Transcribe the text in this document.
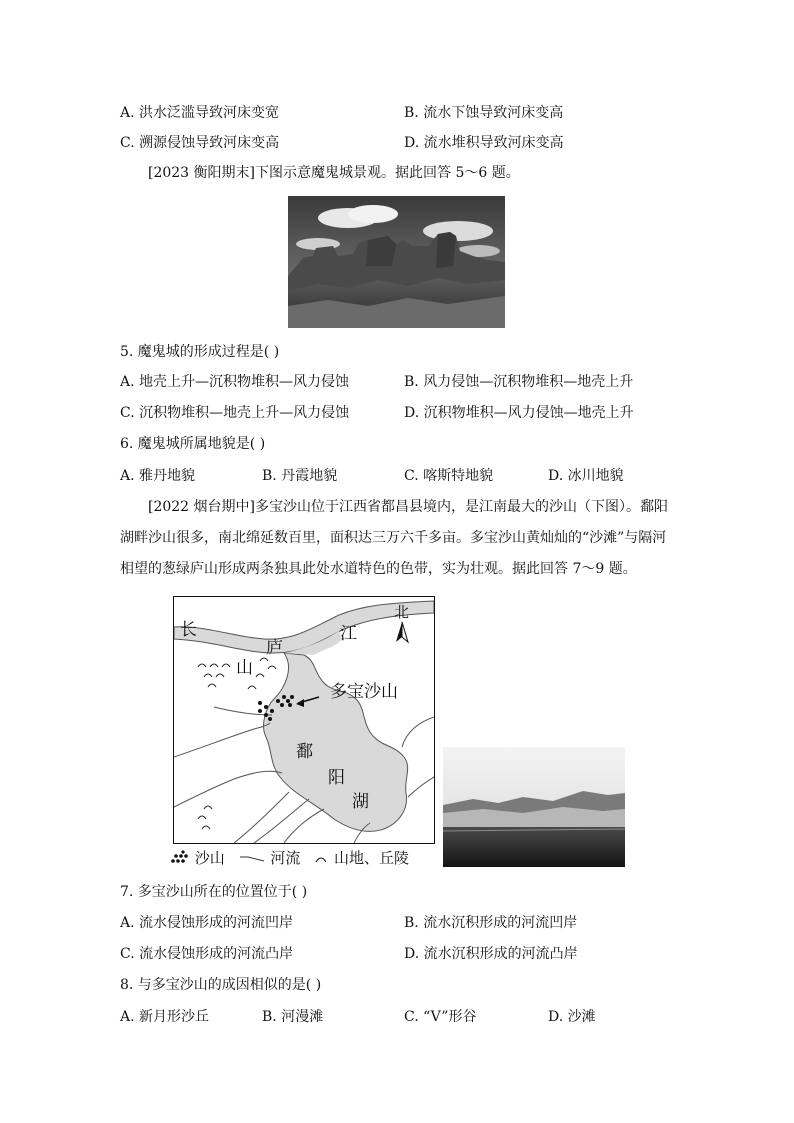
A. 洪水泛滥导致河床变宽	B. 流水下蚀导致河床变高
C. 溯源侵蚀导致河床变高	D. 流水堆积导致河床变高
[2023 衡阳期末]下图示意魔鬼城景观。据此回答 5～6 题。
5. 魔鬼城的形成过程是( )
A. 地壳上升—沉积物堆积—风力侵蚀	B. 风力侵蚀—沉积物堆积—地壳上升
C. 沉积物堆积—地壳上升—风力侵蚀	D. 沉积物堆积—风力侵蚀—地壳上升
6. 魔鬼城所属地貌是( )
A. 雅丹地貌	B. 丹霞地貌	C. 喀斯特地貌	D. 冰川地貌
[2022 烟台期中]多宝沙山位于江西省都昌县境内，是江南最大的沙山（下图）。鄱阳
湖畔沙山很多，南北绵延数百里，面积达三万六千多亩。多宝沙山黄灿灿的“沙滩”与隔河
相望的葱绿庐山形成两条独具此处水道特色的色带，实为壮观。据此回答 7～9 题。
长	江
庐
山
多宝沙山
鄱
阳
湖
北
沙山	河流 山地、丘陵
7. 多宝沙山所在的位置位于( )
A. 流水侵蚀形成的河流凹岸	B. 流水沉积形成的河流凹岸
C. 流水侵蚀形成的河流凸岸	D. 流水沉积形成的河流凸岸
8. 与多宝沙山的成因相似的是( )
A. 新月形沙丘	B. 河漫滩	C. “V”形谷	D. 沙滩
